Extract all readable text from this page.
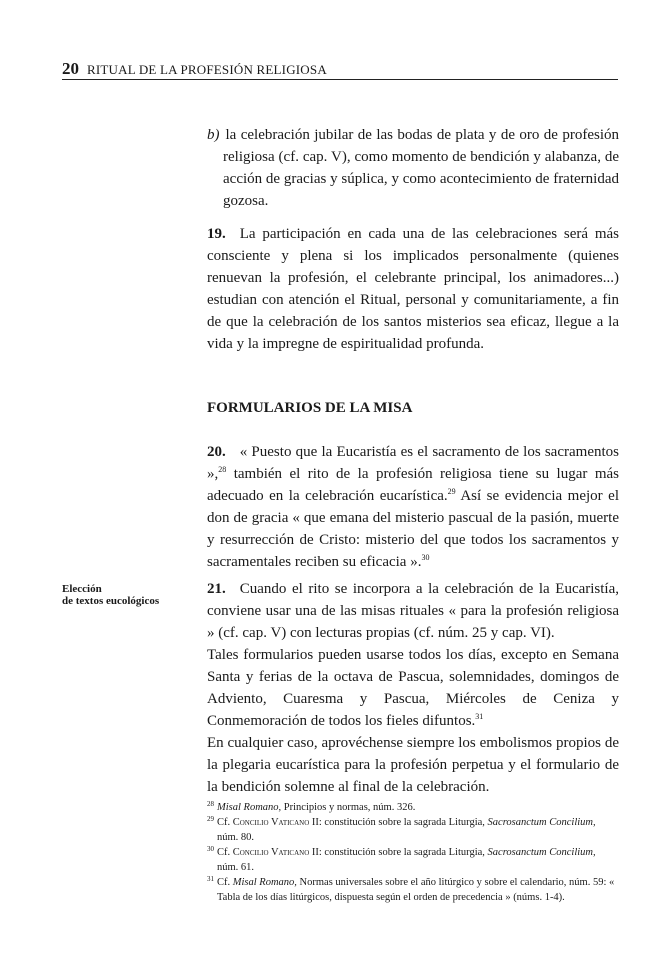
20 RITUAL DE LA PROFESIÓN RELIGIOSA

b) la celebración jubilar de las bodas de plata y de oro de profesión religiosa (cf. cap. V), como momento de bendición y alabanza, de acción de gracias y súplica, y como acontecimiento de fraternidad gozosa.

19. La participación en cada una de las celebraciones será más consciente y plena si los implicados personalmente (quienes renuevan la profesión, el celebrante principal, los animadores...) estudian con atención el Ritual, personal y comunitariamente, a fin de que la celebración de los santos misterios sea eficaz, llegue a la vida y la impregne de espiritualidad profunda.

FORMULARIOS DE LA MISA

20. « Puesto que la Eucaristía es el sacramento de los sacramentos »,$^{28}$ también el rito de la profesión religiosa tiene su lugar más adecuado en la celebración eucarística.$^{29}$ Así se evidencia mejor el don de gracia « que emana del misterio pascual de la pasión, muerte y resurrección de Cristo: misterio del que todos los sacramentos y sacramentales reciben su eficacia ».$^{30}$

Elección
de textos eucológicos

21. Cuando el rito se incorpora a la celebración de la Eucaristía, conviene usar una de las misas rituales « para la profesión religiosa » (cf. cap. V) con lecturas propias (cf. núm. 25 y cap. VI).

Tales formularios pueden usarse todos los días, excepto en Semana Santa y ferias de la octava de Pascua, solemnidades, domingos de Adviento, Cuaresma y Pascua, Miércoles de Ceniza y Conmemoración de todos los fieles difuntos.$^{31}$

En cualquier caso, aprovéchense siempre los embolismos propios de la plegaria eucarística para la profesión perpetua y el formulario de la bendición solemne al final de la celebración.

$^{28}$ Misal Romano, Principios y normas, núm. 326.

$^{29}$ Cf. Concilio Vaticano II: constitución sobre la sagrada Liturgia, Sacrosanctum Concilium, núm. 80.

$^{30}$ Cf. Concilio Vaticano II: constitución sobre la sagrada Liturgia, Sacrosanctum Concilium, núm. 61.

$^{31}$ Cf. Misal Romano, Normas universales sobre el año litúrgico y sobre el calendario, núm. 59: « Tabla de los días litúrgicos, dispuesta según el orden de precedencia » (núms. 1-4).
